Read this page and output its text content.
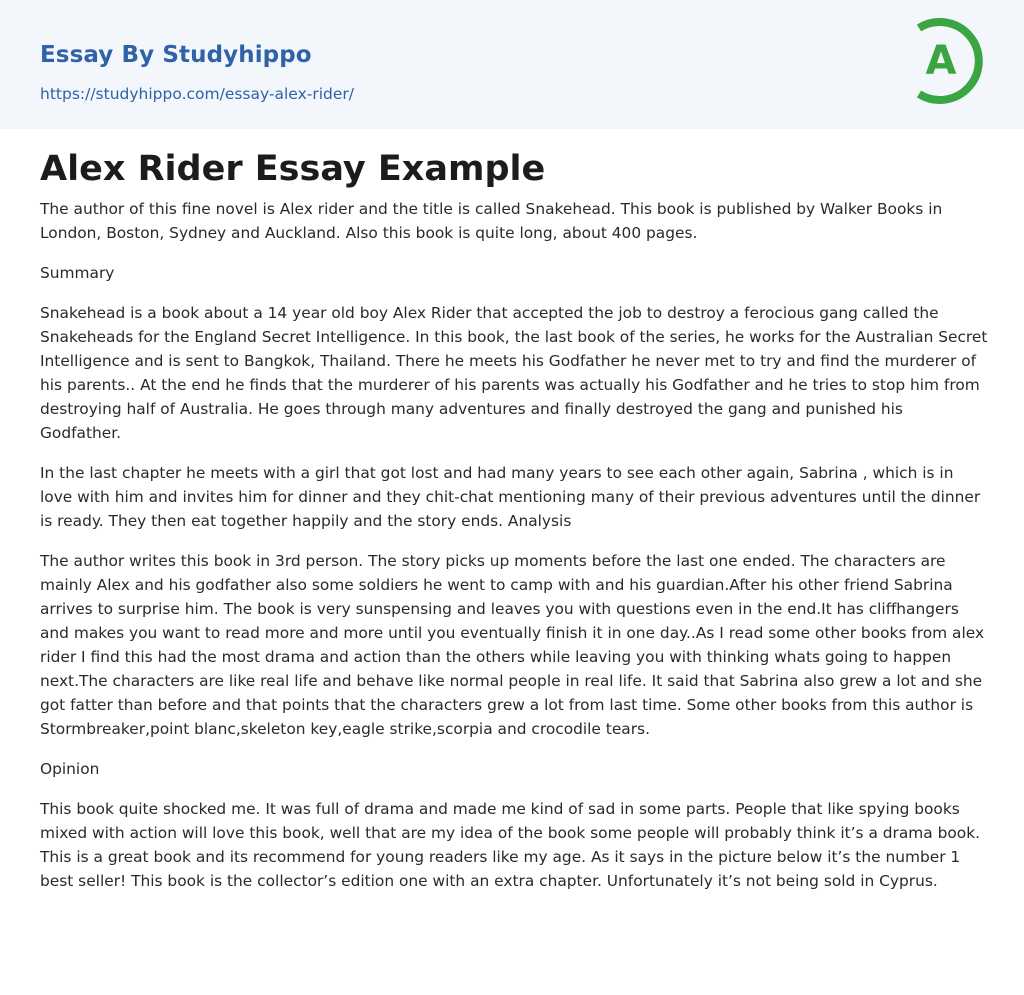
Essay By Studyhippo
https://studyhippo.com/essay-alex-rider/
A
Alex Rider Essay Example

The author of this fine novel is Alex rider and the title is called Snakehead. This book is published by Walker Books in London, Boston, Sydney and Auckland. Also this book is quite long, about 400 pages.

Summary

Snakehead is a book about a 14 year old boy Alex Rider that accepted the job to destroy a ferocious gang called the Snakeheads for the England Secret Intelligence. In this book, the last book of the series, he works for the Australian Secret Intelligence and is sent to Bangkok, Thailand. There he meets his Godfather he never met to try and find the murderer of his parents.. At the end he finds that the murderer of his parents was actually his Godfather and he tries to stop him from destroying half of Australia. He goes through many adventures and finally destroyed the gang and punished his Godfather.

In the last chapter he meets with a girl that got lost and had many years to see each other again, Sabrina , which is in love with him and invites him for dinner and they chit-chat mentioning many of their previous adventures until the dinner is ready. They then eat together happily and the story ends. Analysis

The author writes this book in 3rd person. The story picks up moments before the last one ended. The characters are mainly Alex and his godfather also some soldiers he went to camp with and his guardian.After his other friend Sabrina arrives to surprise him. The book is very sunspensing and leaves you with questions even in the end.It has cliffhangers and makes you want to read more and more until you eventually finish it in one day..As I read some other books from alex rider I find this had the most drama and action than the others while leaving you with thinking whats going to happen next.The characters are like real life and behave like normal people in real life. It said that Sabrina also grew a lot and she got fatter than before and that points that the characters grew a lot from last time. Some other books from this author is Stormbreaker,point blanc,skeleton key,eagle strike,scorpia and crocodile tears.

Opinion

This book quite shocked me. It was full of drama and made me kind of sad in some parts. People that like spying books mixed with action will love this book, well that are my idea of the book some people will probably think it’s a drama book. This is a great book and its recommend for young readers like my age. As it says in the picture below it’s the number 1 best seller! This book is the collector’s edition one with an extra chapter. Unfortunately it’s not being sold in Cyprus.
